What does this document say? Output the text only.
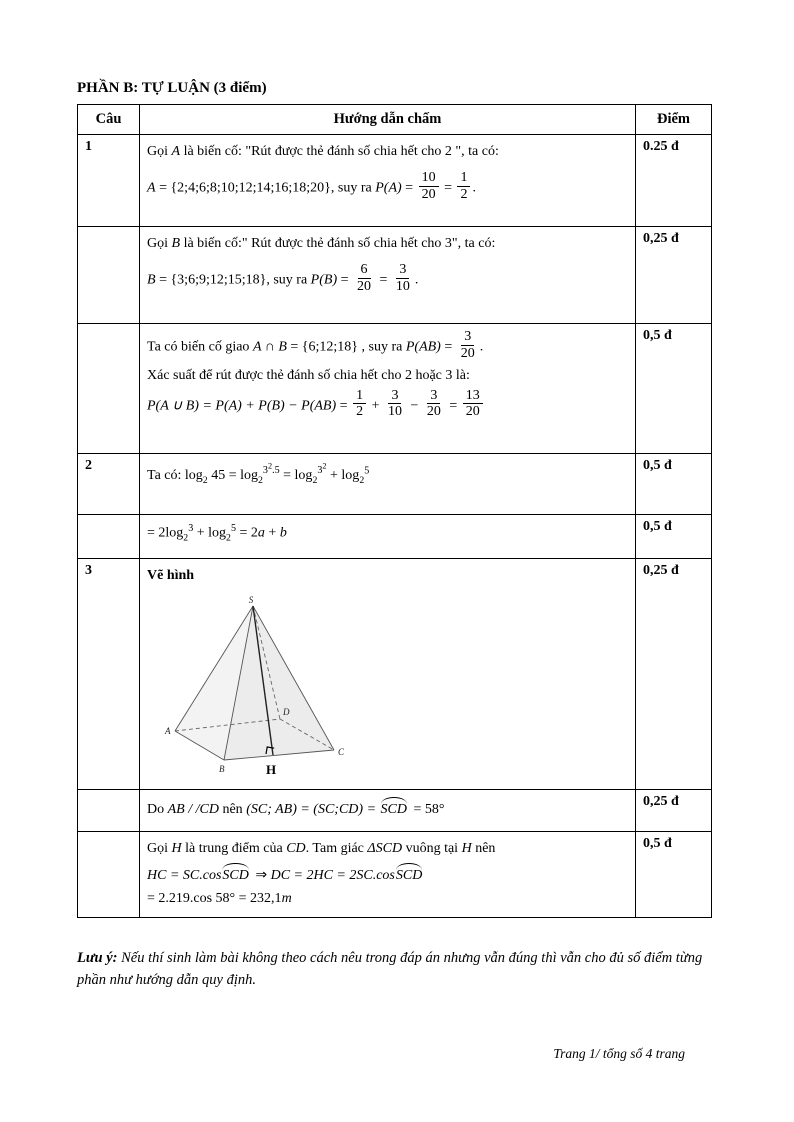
PHẦN B: TỰ LUẬN (3 điểm)
Câu	Hướng dẫn chấm	Điểm
1	Gọi A là biến cố: "Rút được thẻ đánh số chia hết cho 2 ", ta có:
A = {2;4;6;8;10;12;14;16;18;20}, suy ra $P(A) = \frac{10}{20} = \frac{1}{2}$ .
	0.25 đ

Gọi B là biến cố:" Rút được thẻ đánh số chia hết cho 3", ta có:
B = {3;6;9;12;15;18}, suy ra $P(B) = \frac{6}{20} = \frac{3}{10}$ .
	0,25 đ

Ta có biến cố giao A ∩ B = {6;12;18} , suy ra $P(AB) = \frac{3}{20}$ .
Xác suất để rút được thẻ đánh số chia hết cho 2 hoặc 3 là:
P(A ∪ $B) = P(A) + P(B) - P(AB) = \frac{1}{2} + \frac{3}{10} - \frac{3}{20} = \frac{13}{20}$
	0,5 đ
2	Ta có: $\log_2 45 = \log_2^{3^2.5} = \log_2^{3^2} + \log_2^5$	0,5 đ

	= $2\log_2^3 + \log_2^5 = 2a + b$	0,5 đ
3	Vẽ hình
S
A
B
C
D
H
	0,25 đ

	Do AB / /CD nên (SC; AB) = (SC;CD) = SCD = 58°	0,25 đ

	Gọi H là trung điểm của CD. Tam giác ΔSCD vuông tại H nên
HC = SC.cosSCD ⇒ DC = 2HC = 2SC.cosSCD
= 2.219.cos 58° = 232,1m	0,5 đ
Lưu ý: Nếu thí sinh làm bài không theo cách nêu trong đáp án nhưng vẫn đúng thì vẫn cho đủ số điểm từng phần như hướng dẫn quy định.
Trang 1/ tổng số 4 trang
